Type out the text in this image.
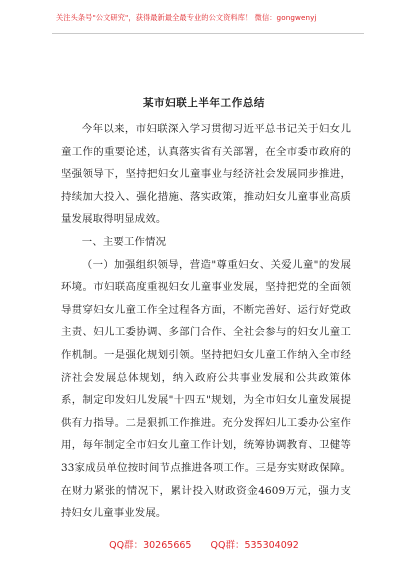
关注头条号"公文研究"，获得最新最全最专业的公文资料库！ 微信：gongwenyj
某市妇联上半年工作总结

今年以来，市妇联深入学习贯彻习近平总书记关于妇女儿童工作的重要论述，认真落实省有关部署，在全市委市政府的坚强领导下，坚持把妇女儿童事业与经济社会发展同步推进，持续加大投入、强化措施、落实政策，推动妇女儿童事业高质量发展取得明显成效。

一、主要工作情况

（一）加强组织领导，营造"尊重妇女、关爱儿童"的发展环境。市妇联高度重视妇女儿童事业发展，坚持把党的全面领导贯穿妇女儿童工作全过程各方面，不断完善好、运行好党政主责、妇儿工委协调、多部门合作、全社会参与的妇女儿童工作机制。一是强化规划引领。坚持把妇女儿童工作纳入全市经济社会发展总体规划，纳入政府公共事业发展和公共政策体系，制定印发妇儿发展"十四五"规划，为全市妇女儿童发展提供有力指导。二是狠抓工作推进。充分发挥妇儿工委办公室作用，每年制定全市妇女儿童工作计划，统筹协调教育、卫健等33家成员单位按时间节点推进各项工作。三是夯实财政保障。在财力紧张的情况下，累计投入财政资金4609万元，强力支持妇女儿童事业发展。

QQ群：30265665 QQ群：535304092
